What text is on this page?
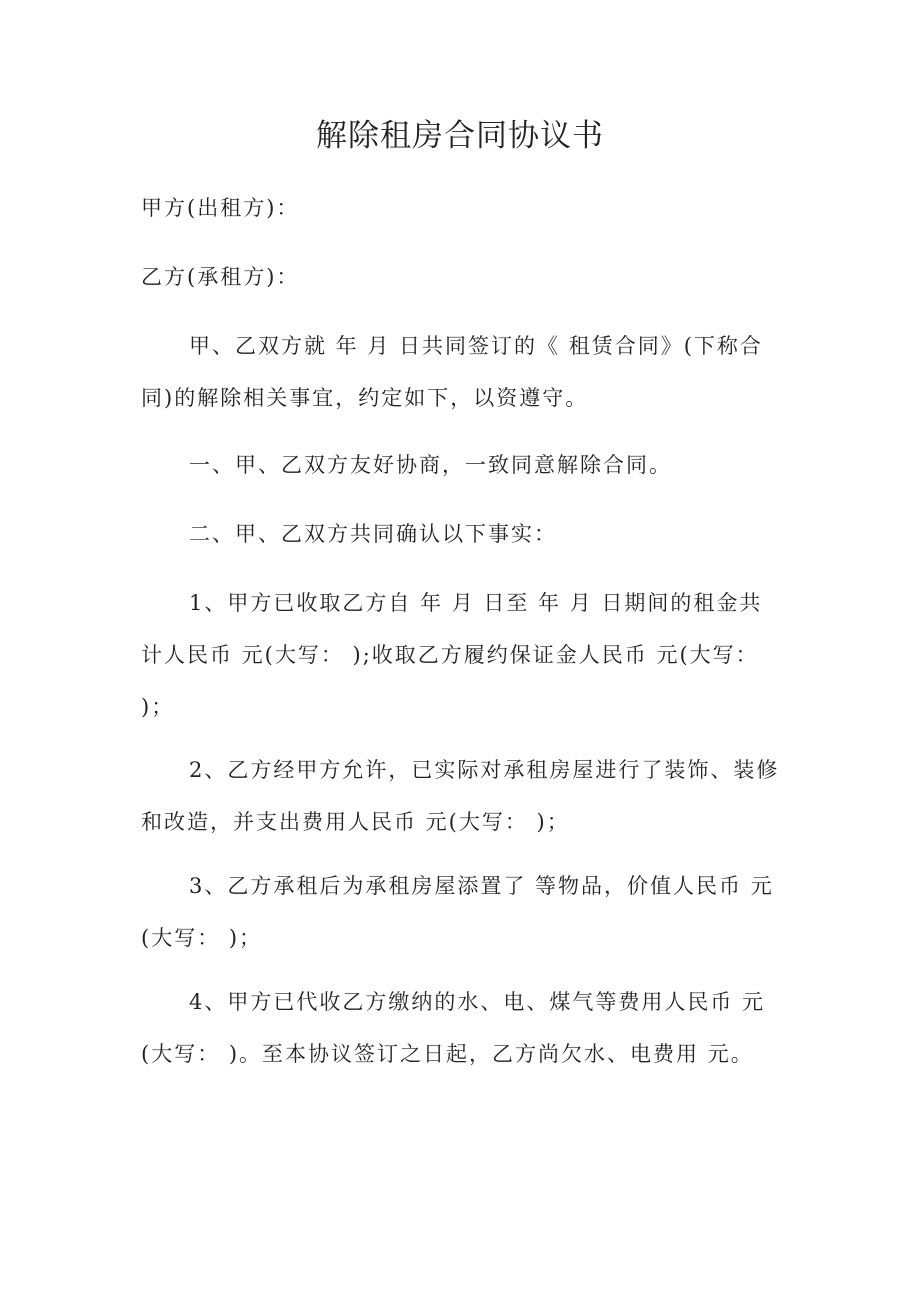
解除租房合同协议书
甲方(出租方)：
乙方(承租方)：

甲、乙双方就 年 月 日共同签订的《 租赁合同》(下称合同)的解除相关事宜，约定如下，以资遵守。

一、甲、乙双方友好协商，一致同意解除合同。

二、甲、乙双方共同确认以下事实：

1、甲方已收取乙方自 年 月 日至 年 月 日期间的租金共计人民币 元(大写： );收取乙方履约保证金人民币 元(大写： )；

2、乙方经甲方允许，已实际对承租房屋进行了装饰、装修和改造，并支出费用人民币 元(大写： )；

3、乙方承租后为承租房屋添置了 等物品，价值人民币 元(大写： )；

4、甲方已代收乙方缴纳的水、电、煤气等费用人民币 元(大写： )。至本协议签订之日起，乙方尚欠水、电费用 元。
